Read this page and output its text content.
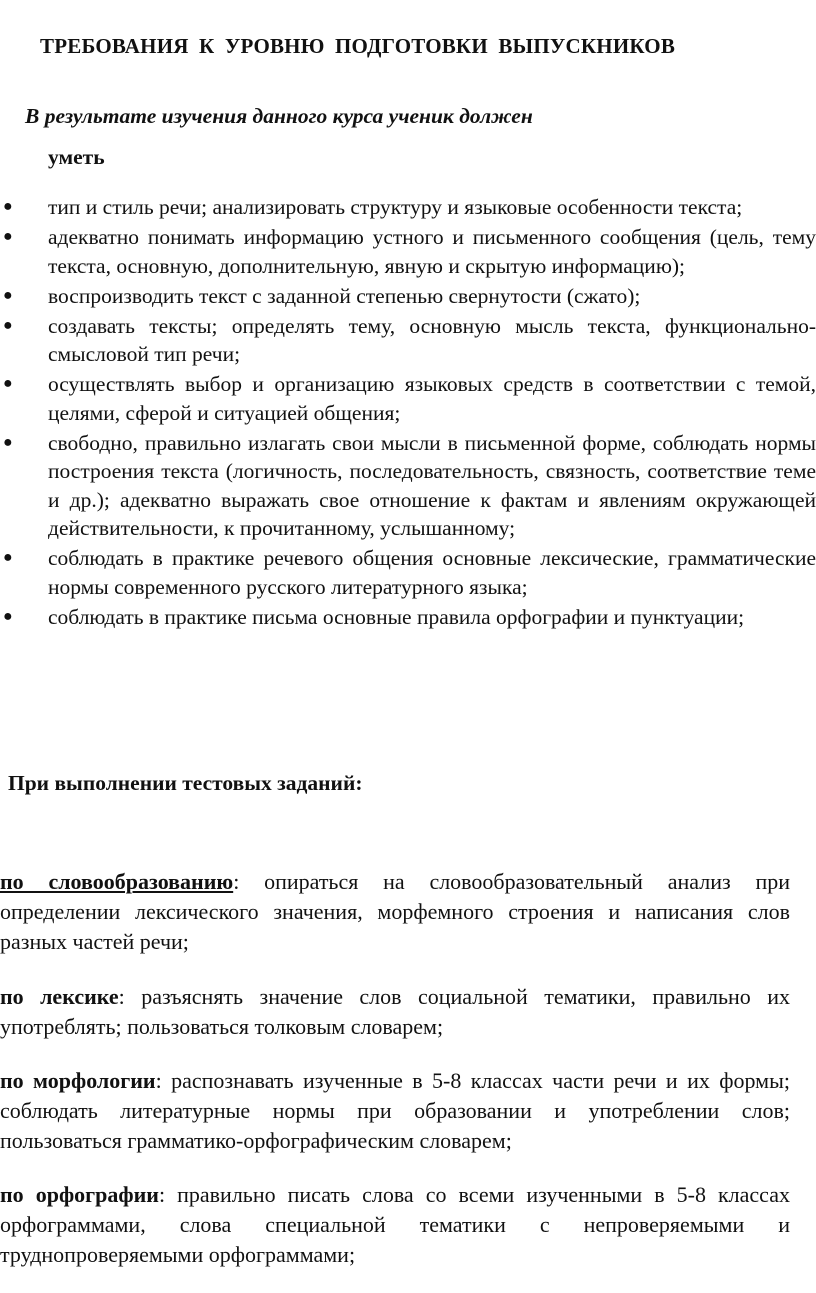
ТРЕБОВАНИЯ К УРОВНЮ ПОДГОТОВКИ ВЫПУСКНИКОВ

В результате изучения данного курса ученик должен

уметь

● тип и стиль речи; анализировать структуру и языковые особенности текста;
● адекватно понимать информацию устного и письменного сообщения (цель, тему текста, основную, дополнительную, явную и скрытую информацию);
● воспроизводить текст с заданной степенью свернутости (сжато);
● создавать тексты; определять тему, основную мысль текста, функционально-смысловой тип речи;
● осуществлять выбор и организацию языковых средств в соответствии с темой, целями, сферой и ситуацией общения;
● свободно, правильно излагать свои мысли в письменной форме, соблюдать нормы построения текста (логичность, последовательность, связность, соответствие теме и др.); адекватно выражать свое отношение к фактам и явлениям окружающей действительности, к прочитанному, услышанному;
● соблюдать в практике речевого общения основные лексические, грамматические нормы современного русского литературного языка;
● соблюдать в практике письма основные правила орфографии и пунктуации;

При выполнении тестовых заданий:

по словообразованию: опираться на словообразовательный анализ при определении лексического значения, морфемного строения и написания слов разных частей речи;

по лексике: разъяснять значение слов социальной тематики, правильно их употреблять; пользоваться толковым словарем;

по морфологии: распознавать изученные в 5-8 классах части речи и их формы; соблюдать литературные нормы при образовании и употреблении слов; пользоваться грамматико-орфографическим словарем;

по орфографии: правильно писать слова со всеми изученными в 5-8 классах орфограммами, слова специальной тематики с непроверяемыми и труднопроверяемыми орфограммами;
